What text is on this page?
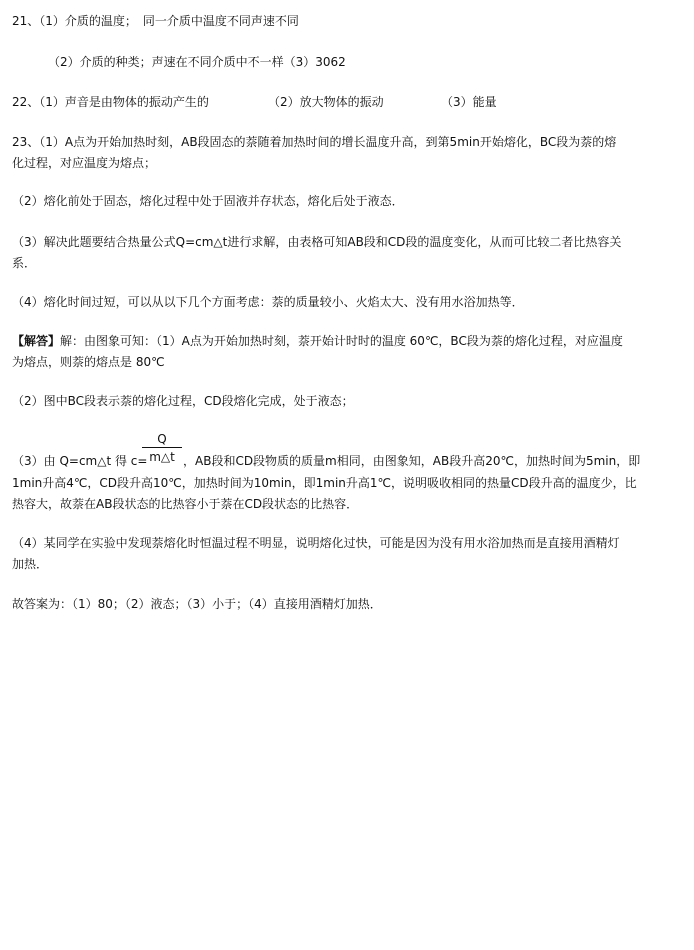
21、（1）介质的温度；　同一介质中温度不同声速不同
（2）介质的种类；声速在不同介质中不一样（3）3062
22、（1）声音是由物体的振动产生的	（2）放大物体的振动	（3）能量
23、（1）A点为开始加热时刻，AB段固态的萘随着加热时间的增长温度升高，到第5min开始熔化，BC段为萘的熔
化过程，对应温度为熔点；
（2）熔化前处于固态，熔化过程中处于固液并存状态，熔化后处于液态．
（3）解决此题要结合热量公式Q=cm△t进行求解，由表格可知AB段和CD段的温度变化，从而可比较二者比热容关
系．
（4）熔化时间过短，可以从以下几个方面考虑：萘的质量较小、火焰太大、没有用水浴加热等．
【解答】解：由图象可知：（1）A点为开始加热时刻，萘开始计时时的温度 60℃，BC段为萘的熔化过程，对应温度
为熔点，则萘的熔点是 80℃
（2）图中BC段表示萘的熔化过程，CD段熔化完成，处于液态；
（3）由 Q=cm△t 得 c=
Q
m△t ，AB段和CD段物质的质量m相同，由图象知，AB段升高20℃，加热时间为5min，即
1min升高4℃，CD段升高10℃，加热时间为10min，即1min升高1℃，说明吸收相同的热量CD段升高的温度少，比
热容大，故萘在AB段状态的比热容小于萘在CD段状态的比热容．
（4）某同学在实验中发现萘熔化时恒温过程不明显，说明熔化过快，可能是因为没有用水浴加热而是直接用酒精灯
加热．
故答案为：（1）80；（2）液态；（3）小于；（4）直接用酒精灯加热．
